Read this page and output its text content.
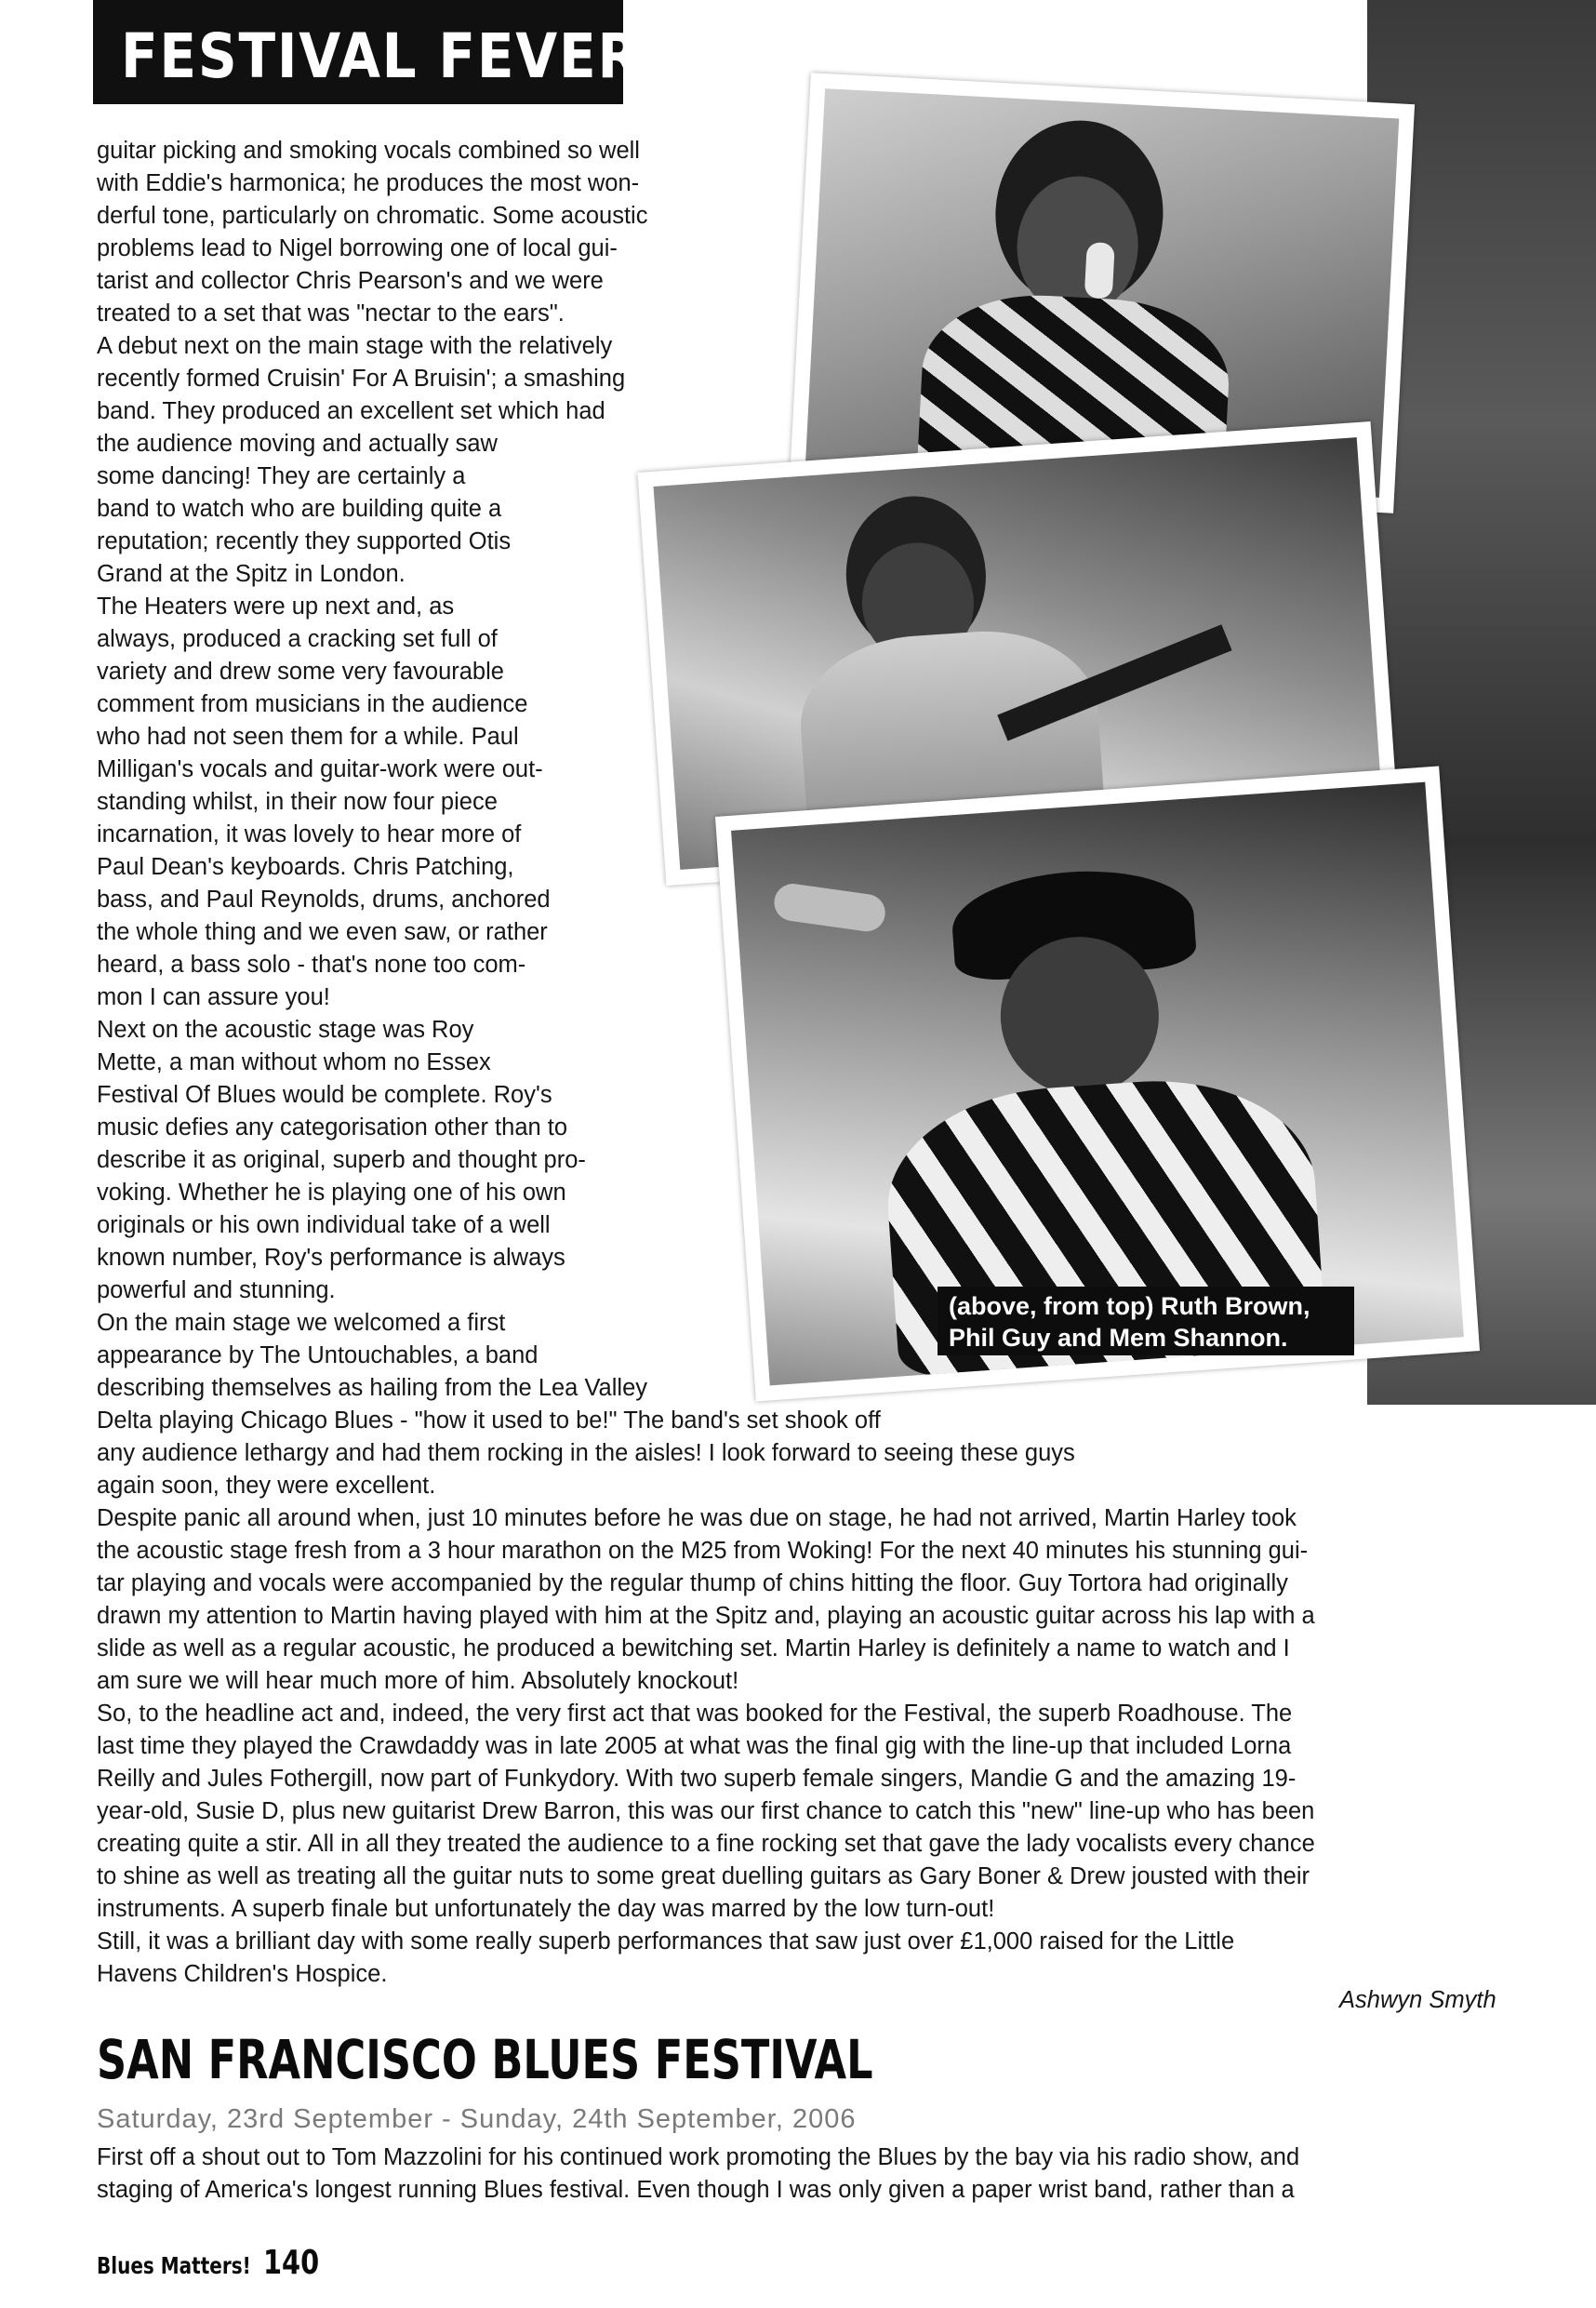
FESTIVAL FEVER
(above, from top) Ruth Brown,
Phil Guy and Mem Shannon.
guitar picking and smoking vocals combined so well
with Eddie's harmonica; he produces the most won-
derful tone, particularly on chromatic. Some acoustic
problems lead to Nigel borrowing one of local gui-
tarist and collector Chris Pearson's and we were
treated to a set that was "nectar to the ears".
A debut next on the main stage with the relatively
recently formed Cruisin' For A Bruisin'; a smashing
band. They produced an excellent set which had
the audience moving and actually saw
some dancing! They are certainly a
band to watch who are building quite a
reputation; recently they supported Otis
Grand at the Spitz in London.
The Heaters were up next and, as
always, produced a cracking set full of
variety and drew some very favourable
comment from musicians in the audience
who had not seen them for a while. Paul
Milligan's vocals and guitar-work were out-
standing whilst, in their now four piece
incarnation, it was lovely to hear more of
Paul Dean's keyboards. Chris Patching,
bass, and Paul Reynolds, drums, anchored
the whole thing and we even saw, or rather
heard, a bass solo - that's none too com-
mon I can assure you!
Next on the acoustic stage was Roy
Mette, a man without whom no Essex
Festival Of Blues would be complete. Roy's
music defies any categorisation other than to
describe it as original, superb and thought pro-
voking. Whether he is playing one of his own
originals or his own individual take of a well
known number, Roy's performance is always
powerful and stunning.
On the main stage we welcomed a first
appearance by The Untouchables, a band
describing themselves as hailing from the Lea Valley
Delta playing Chicago Blues - "how it used to be!" The band's set shook off
any audience lethargy and had them rocking in the aisles! I look forward to seeing these guys
again soon, they were excellent.
Despite panic all around when, just 10 minutes before he was due on stage, he had not arrived, Martin Harley took
the acoustic stage fresh from a 3 hour marathon on the M25 from Woking! For the next 40 minutes his stunning gui-
tar playing and vocals were accompanied by the regular thump of chins hitting the floor. Guy Tortora had originally
drawn my attention to Martin having played with him at the Spitz and, playing an acoustic guitar across his lap with a
slide as well as a regular acoustic, he produced a bewitching set. Martin Harley is definitely a name to watch and I
am sure we will hear much more of him. Absolutely knockout!
So, to the headline act and, indeed, the very first act that was booked for the Festival, the superb Roadhouse. The
last time they played the Crawdaddy was in late 2005 at what was the final gig with the line-up that included Lorna
Reilly and Jules Fothergill, now part of Funkydory. With two superb female singers, Mandie G and the amazing 19-
year-old, Susie D, plus new guitarist Drew Barron, this was our first chance to catch this "new" line-up who has been
creating quite a stir. All in all they treated the audience to a fine rocking set that gave the lady vocalists every chance
to shine as well as treating all the guitar nuts to some great duelling guitars as Gary Boner & Drew jousted with their
instruments. A superb finale but unfortunately the day was marred by the low turn-out!
Still, it was a brilliant day with some really superb performances that saw just over £1,000 raised for the Little
Havens Children's Hospice.
Ashwyn Smyth
SAN FRANCISCO BLUES FESTIVAL
Saturday, 23rd September - Sunday, 24th September, 2006
First off a shout out to Tom Mazzolini for his continued work promoting the Blues by the bay via his radio show, and
staging of America's longest running Blues festival. Even though I was only given a paper wrist band, rather than a
Blues Matters! 140
